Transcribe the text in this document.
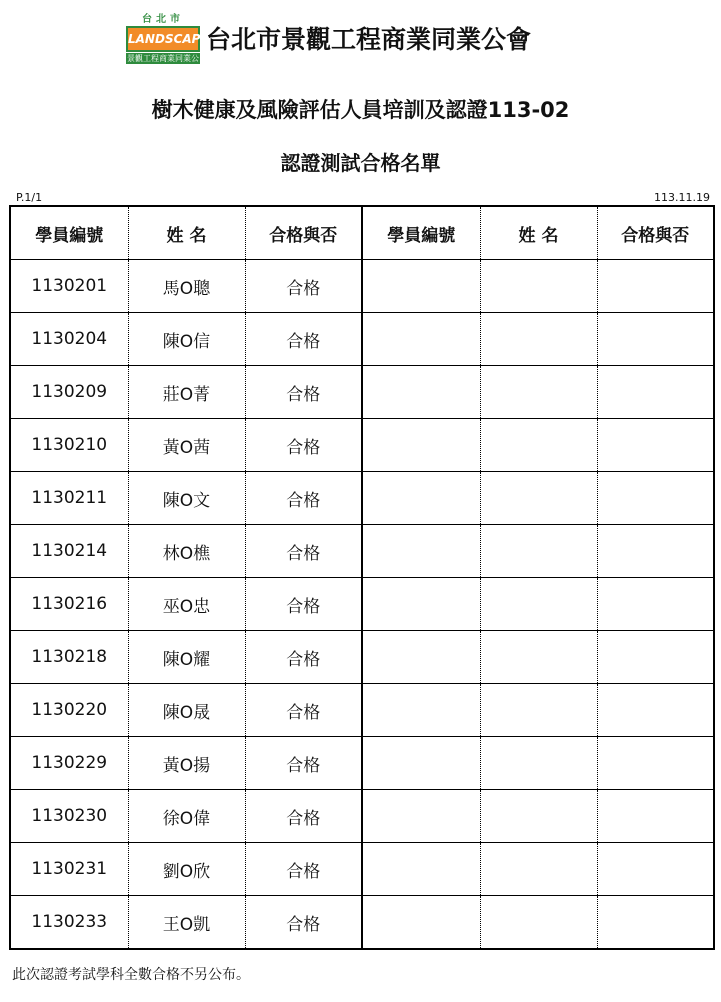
台北市
LANDSCAPE
景觀工程商業同業公會
台北市景觀工程商業同業公會
樹木健康及風險評估人員培訓及認證113-02
認證測試合格名單
P.1/1	113.11.19
學員編號	姓 名	合格與否	學員編號	姓 名	合格與否
1130201	馬O聰	合格			
1130204	陳O信	合格			
1130209	莊O菁	合格			
1130210	黃O茜	合格			
1130211	陳O文	合格			
1130214	林O樵	合格			
1130216	巫O忠	合格			
1130218	陳O耀	合格			
1130220	陳O晟	合格			
1130229	黃O揚	合格			
1130230	徐O偉	合格			
1130231	劉O欣	合格			
1130233	王O凱	合格			
此次認證考試學科全數合格不另公布。
